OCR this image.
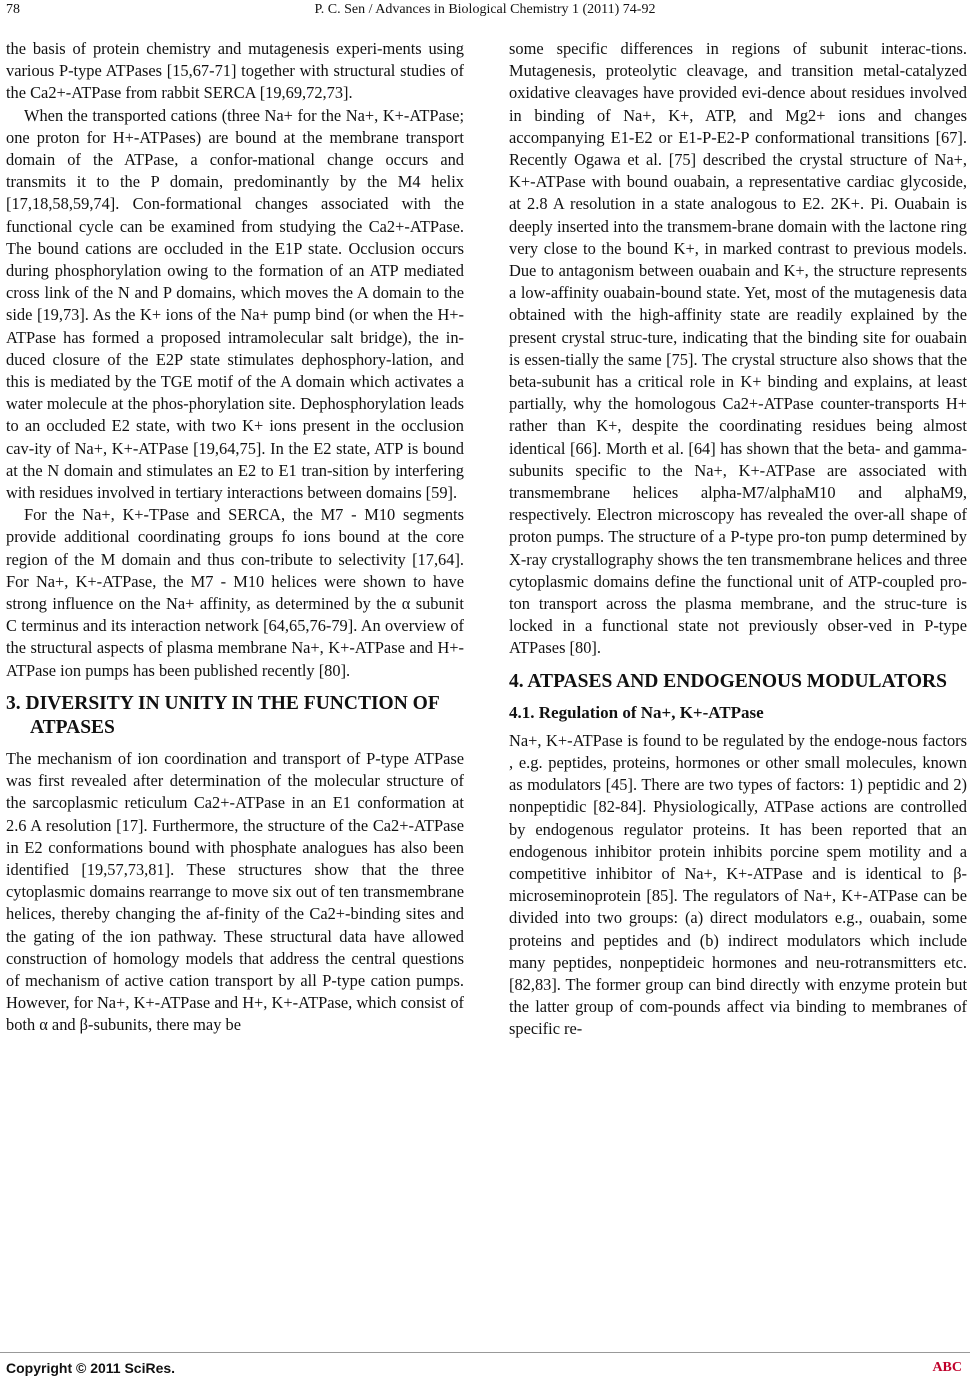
78	P. C. Sen / Advances in Biological Chemistry 1 (2011) 74-92

the basis of protein chemistry and mutagenesis experi-ments using various P-type ATPases [15,67-71] together with structural studies of the Ca2+-ATPase from rabbit SERCA [19,69,72,73].

When the transported cations (three Na+ for the Na+, K+-ATPase; one proton for H+-ATPases) are bound at the membrane transport domain of the ATPase, a confor-mational change occurs and transmits it to the P domain, predominantly by the M4 helix [17,18,58,59,74]. Con-formational changes associated with the functional cycle can be examined from studying the Ca2+-ATPase. The bound cations are occluded in the E1P state. Occlusion occurs during phosphorylation owing to the formation of an ATP mediated cross link of the N and P domains, which moves the A domain to the side [19,73]. As the K+ ions of the Na+ pump bind (or when the H+-ATPase has formed a proposed intramolecular salt bridge), the in-duced closure of the E2P state stimulates dephosphory-lation, and this is mediated by the TGE motif of the A domain which activates a water molecule at the phos-phorylation site. Dephosphorylation leads to an occluded E2 state, with two K+ ions present in the occlusion cav-ity of Na+, K+-ATPase [19,64,75]. In the E2 state, ATP is bound at the N domain and stimulates an E2 to E1 tran-sition by interfering with residues involved in tertiary interactions between domains [59].

For the Na+, K+-TPase and SERCA, the M7 - M10 segments provide additional coordinating groups fo ions bound at the core region of the M domain and thus con-tribute to selectivity [17,64]. For Na+, K+-ATPase, the M7 - M10 helices were shown to have strong influence on the Na+ affinity, as determined by the α subunit C terminus and its interaction network [64,65,76-79]. An overview of the structural aspects of plasma membrane Na+, K+-ATPase and H+-ATPase ion pumps has been published recently [80].

3. DIVERSITY IN UNITY IN THE FUNCTION OF ATPASES

The mechanism of ion coordination and transport of P-type ATPase was first revealed after determination of the molecular structure of the sarcoplasmic reticulum Ca2+-ATPase in an E1 conformation at 2.6 A resolution [17]. Furthermore, the structure of the Ca2+-ATPase in E2 conformations bound with phosphate analogues has also been identified [19,57,73,81]. These structures show that the three cytoplasmic domains rearrange to move six out of ten transmembrane helices, thereby changing the af-finity of the Ca2+-binding sites and the gating of the ion pathway. These structural data have allowed construction of homology models that address the central questions of mechanism of active cation transport by all P-type cation pumps. However, for Na+, K+-ATPase and H+, K+-ATPase, which consist of both α and β-subunits, there may be

some specific differences in regions of subunit interac-tions. Mutagenesis, proteolytic cleavage, and transition metal-catalyzed oxidative cleavages have provided evi-dence about residues involved in binding of Na+, K+, ATP, and Mg2+ ions and changes accompanying E1-E2 or E1-P-E2-P conformational transitions [67]. Recently Ogawa et al. [75] described the crystal structure of Na+, K+-ATPase with bound ouabain, a representative cardiac glycoside, at 2.8 A resolution in a state analogous to E2. 2K+. Pi. Ouabain is deeply inserted into the transmem-brane domain with the lactone ring very close to the bound K+, in marked contrast to previous models. Due to antagonism between ouabain and K+, the structure represents a low-affinity ouabain-bound state. Yet, most of the mutagenesis data obtained with the high-affinity state are readily explained by the present crystal struc-ture, indicating that the binding site for ouabain is essen-tially the same [75]. The crystal structure also shows that the beta-subunit has a critical role in K+ binding and explains, at least partially, why the homologous Ca2+-ATPase counter-transports H+ rather than K+, despite the coordinating residues being almost identical [66]. Morth et al. [64] has shown that the beta- and gamma-subunits specific to the Na+, K+-ATPase are associated with transmembrane helices alpha-M7/alphaM10 and alphaM9, respectively. Electron microscopy has revealed the over-all shape of proton pumps. The structure of a P-type pro-ton pump determined by X-ray crystallography shows the ten transmembrane helices and three cytoplasmic domains define the functional unit of ATP-coupled pro-ton transport across the plasma membrane, and the struc-ture is locked in a functional state not previously obser-ved in P-type ATPases [80].

4. ATPASES AND ENDOGENOUS MODULATORS
4.1. Regulation of Na+, K+-ATPase

Na+, K+-ATPase is found to be regulated by the endoge-nous factors , e.g. peptides, proteins, hormones or other small molecules, known as modulators [45]. There are two types of factors: 1) peptidic and 2) nonpeptidic [82-84]. Physiologically, ATPase actions are controlled by endogenous regulator proteins. It has been reported that an endogenous inhibitor protein inhibits porcine spem motility and a competitive inhibitor of Na+, K+-ATPase and is identical to β-microseminoprotein [85]. The regulators of Na+, K+-ATPase can be divided into two groups: (a) direct modulators e.g., ouabain, some proteins and peptides and (b) indirect modulators which include many peptides, nonpeptideic hormones and neu-rotransmitters etc. [82,83]. The former group can bind directly with enzyme protein but the latter group of com-pounds affect via binding to membranes of specific re-

Copyright © 2011 SciRes.	ABC
